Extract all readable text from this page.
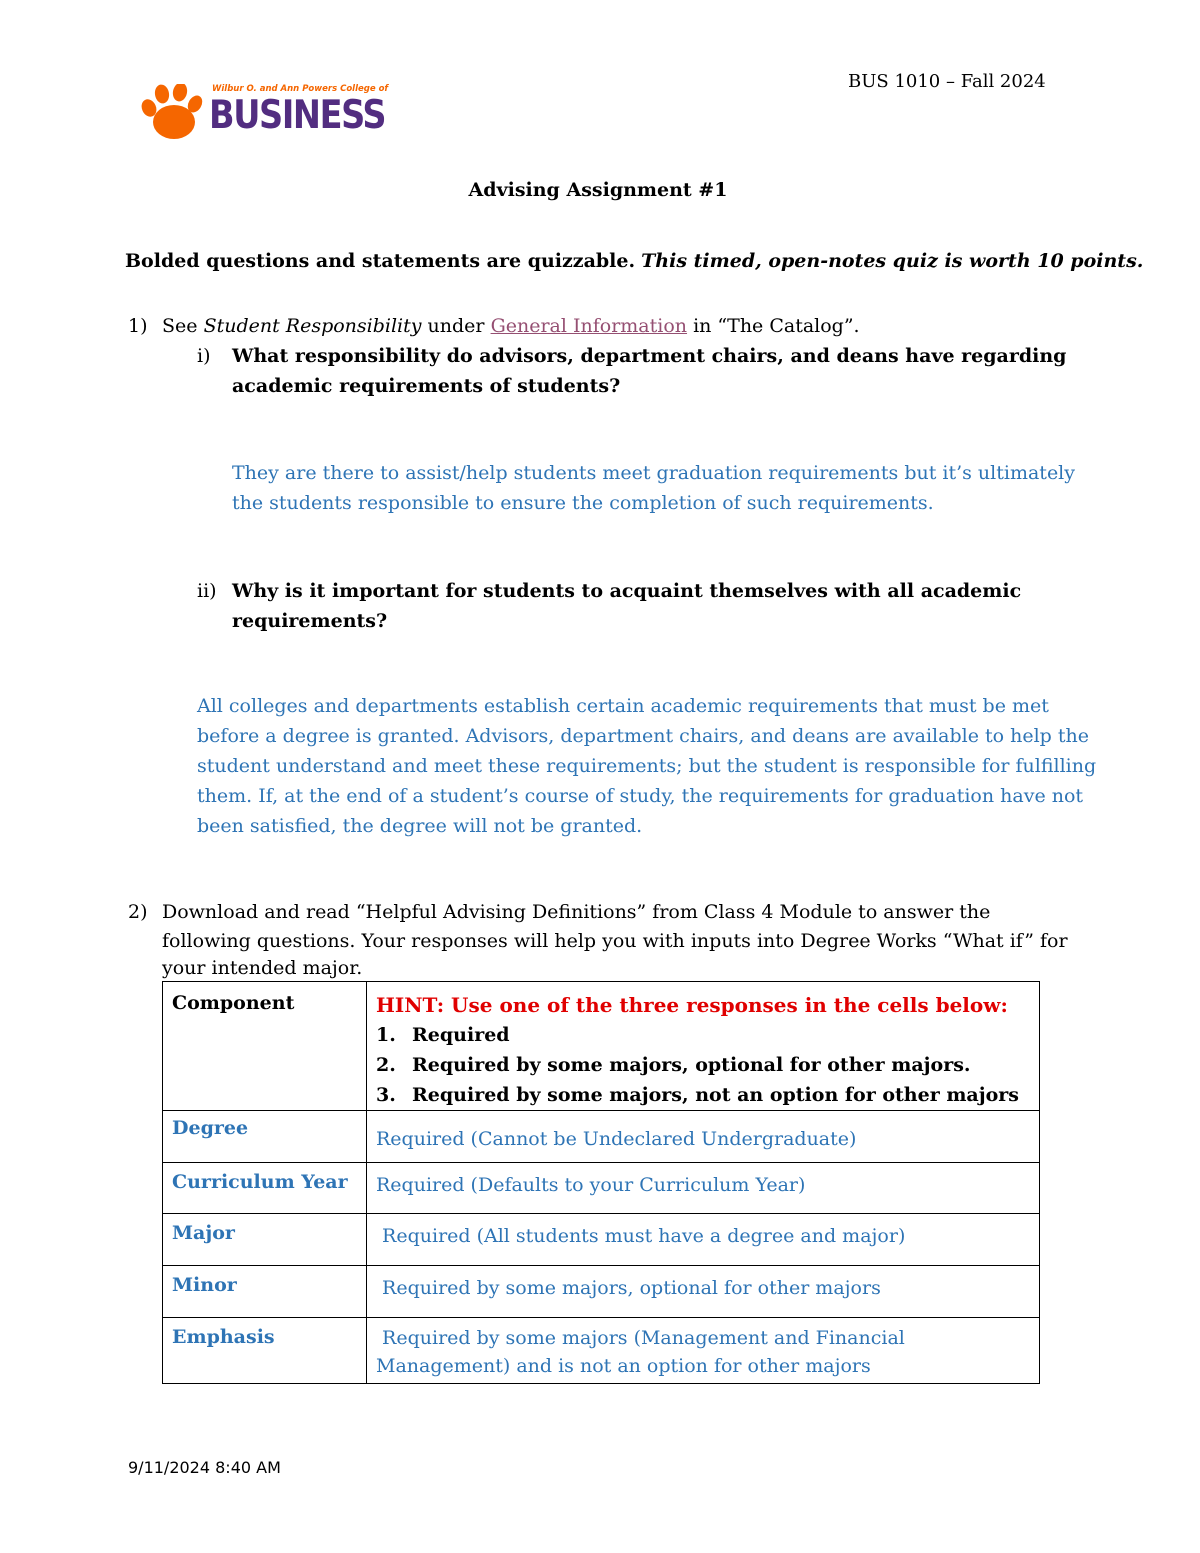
Wilbur O. and Ann Powers College of
BUSINESS
BUS 1010 – Fall 2024
Advising Assignment #1
Bolded questions and statements are quizzable. This timed, open-notes quiz is worth 10 points.
1) See Student Responsibility under General Information in “The Catalog”.
i) What responsibility do advisors, department chairs, and deans have regarding
academic requirements of students?
They are there to assist/help students meet graduation requirements but it’s ultimately
the students responsible to ensure the completion of such requirements.
ii) Why is it important for students to acquaint themselves with all academic
requirements?
All colleges and departments establish certain academic requirements that must be met
before a degree is granted. Advisors, department chairs, and deans are available to help the
student understand and meet these requirements; but the student is responsible for fulfilling
them. If, at the end of a student’s course of study, the requirements for graduation have not
been satisfied, the degree will not be granted.
2) Download and read “Helpful Advising Definitions” from Class 4 Module to answer the
following questions. Your responses will help you with inputs into Degree Works “What if” for
your intended major.
Component	HINT: Use one of the three responses in the cells below:
1. Required
2. Required by some majors, optional for other majors.
3. Required by some majors, not an option for other majors

Degree	Required (Cannot be Undeclared Undergraduate)
Curriculum Year	Required (Defaults to your Curriculum Year)
Major	Required (All students must have a degree and major)
Minor	Required by some majors, optional for other majors
Emphasis	Required by some majors (Management and Financial
Management) and is not an option for other majors
9/11/2024 8:40 AM
